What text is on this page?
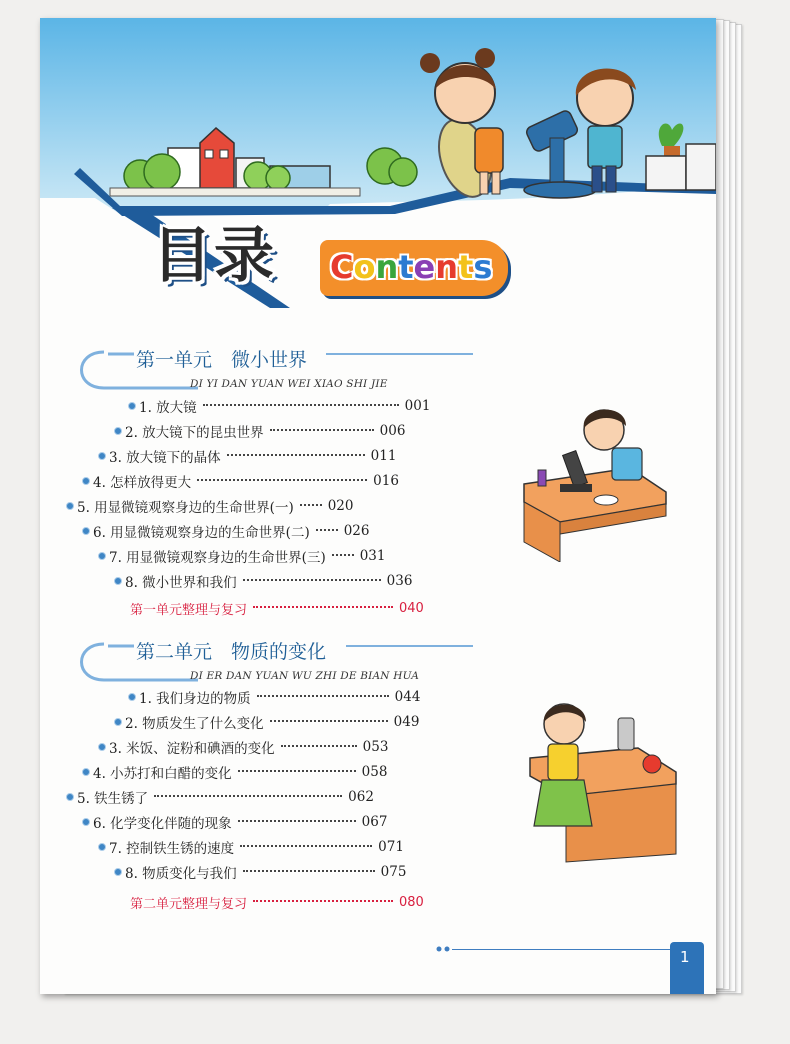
目录 Contents
第一单元　微小世界
DI YI DAN YUAN WEI XIAO SHI JIE
第二单元　物质的变化
DI ER DAN YUAN WU ZHI DE BIAN HUA
1. 放大镜	001
2. 放大镜下的昆虫世界	006
3. 放大镜下的晶体	011
4. 怎样放得更大	016
5. 用显微镜观察身边的生命世界(一)	020
6. 用显微镜观察身边的生命世界(二)	026
7. 用显微镜观察身边的生命世界(三)	031
8. 微小世界和我们	036
第一单元整理与复习	040
1. 我们身边的物质	044
2. 物质发生了什么变化	049
3. 米饭、淀粉和碘酒的变化	053
4. 小苏打和白醋的变化	058
5. 铁生锈了	062
6. 化学变化伴随的现象	067
7. 控制铁生锈的速度	071
8. 物质变化与我们	075
第二单元整理与复习	080
1
